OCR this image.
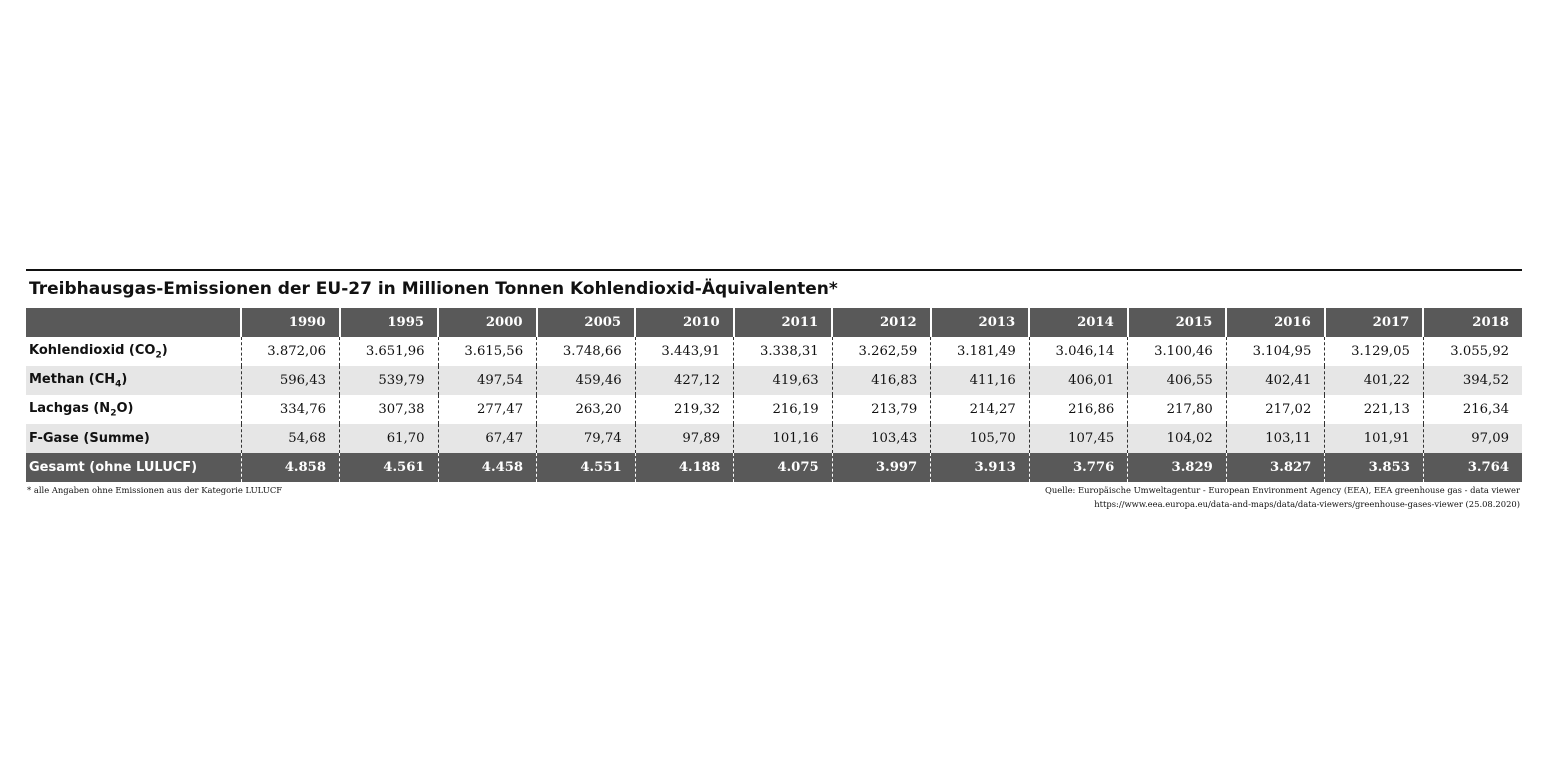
Treibhausgas-Emissionen der EU-27 in Millionen Tonnen Kohlendioxid-Äquivalenten*
	1990	1995	2000	2005	2010	2011	2012	2013	2014	2015	2016	2017	2018
Kohlendioxid $(CO_2)$	3.872,06	3.651,96	3.615,56	3.748,66	3.443,91	3.338,31	3.262,59	3.181,49	3.046,14	3.100,46	3.104,95	3.129,05	3.055,92
Methan $(CH_4)$	596,43	539,79	497,54	459,46	427,12	419,63	416,83	411,16	406,01	406,55	402,41	401,22	394,52
Lachgas $(N_2O)$	334,76	307,38	277,47	263,20	219,32	216,19	213,79	214,27	216,86	217,80	217,02	221,13	216,34
F-Gase (Summe)	54,68	61,70	67,47	79,74	97,89	101,16	103,43	105,70	107,45	104,02	103,11	101,91	97,09
Gesamt (ohne LULUCF)	4.858	4.561	4.458	4.551	4.188	4.075	3.997	3.913	3.776	3.829	3.827	3.853	3.764
* alle Angaben ohne Emissionen aus der Kategorie LULUCF	Quelle: Europäische Umweltagentur - European Environment Agency (EEA), EEA greenhouse gas - data viewer
https://www.eea.europa.eu/data-and-maps/data/data-viewers/greenhouse-gases-viewer (25.08.2020)
